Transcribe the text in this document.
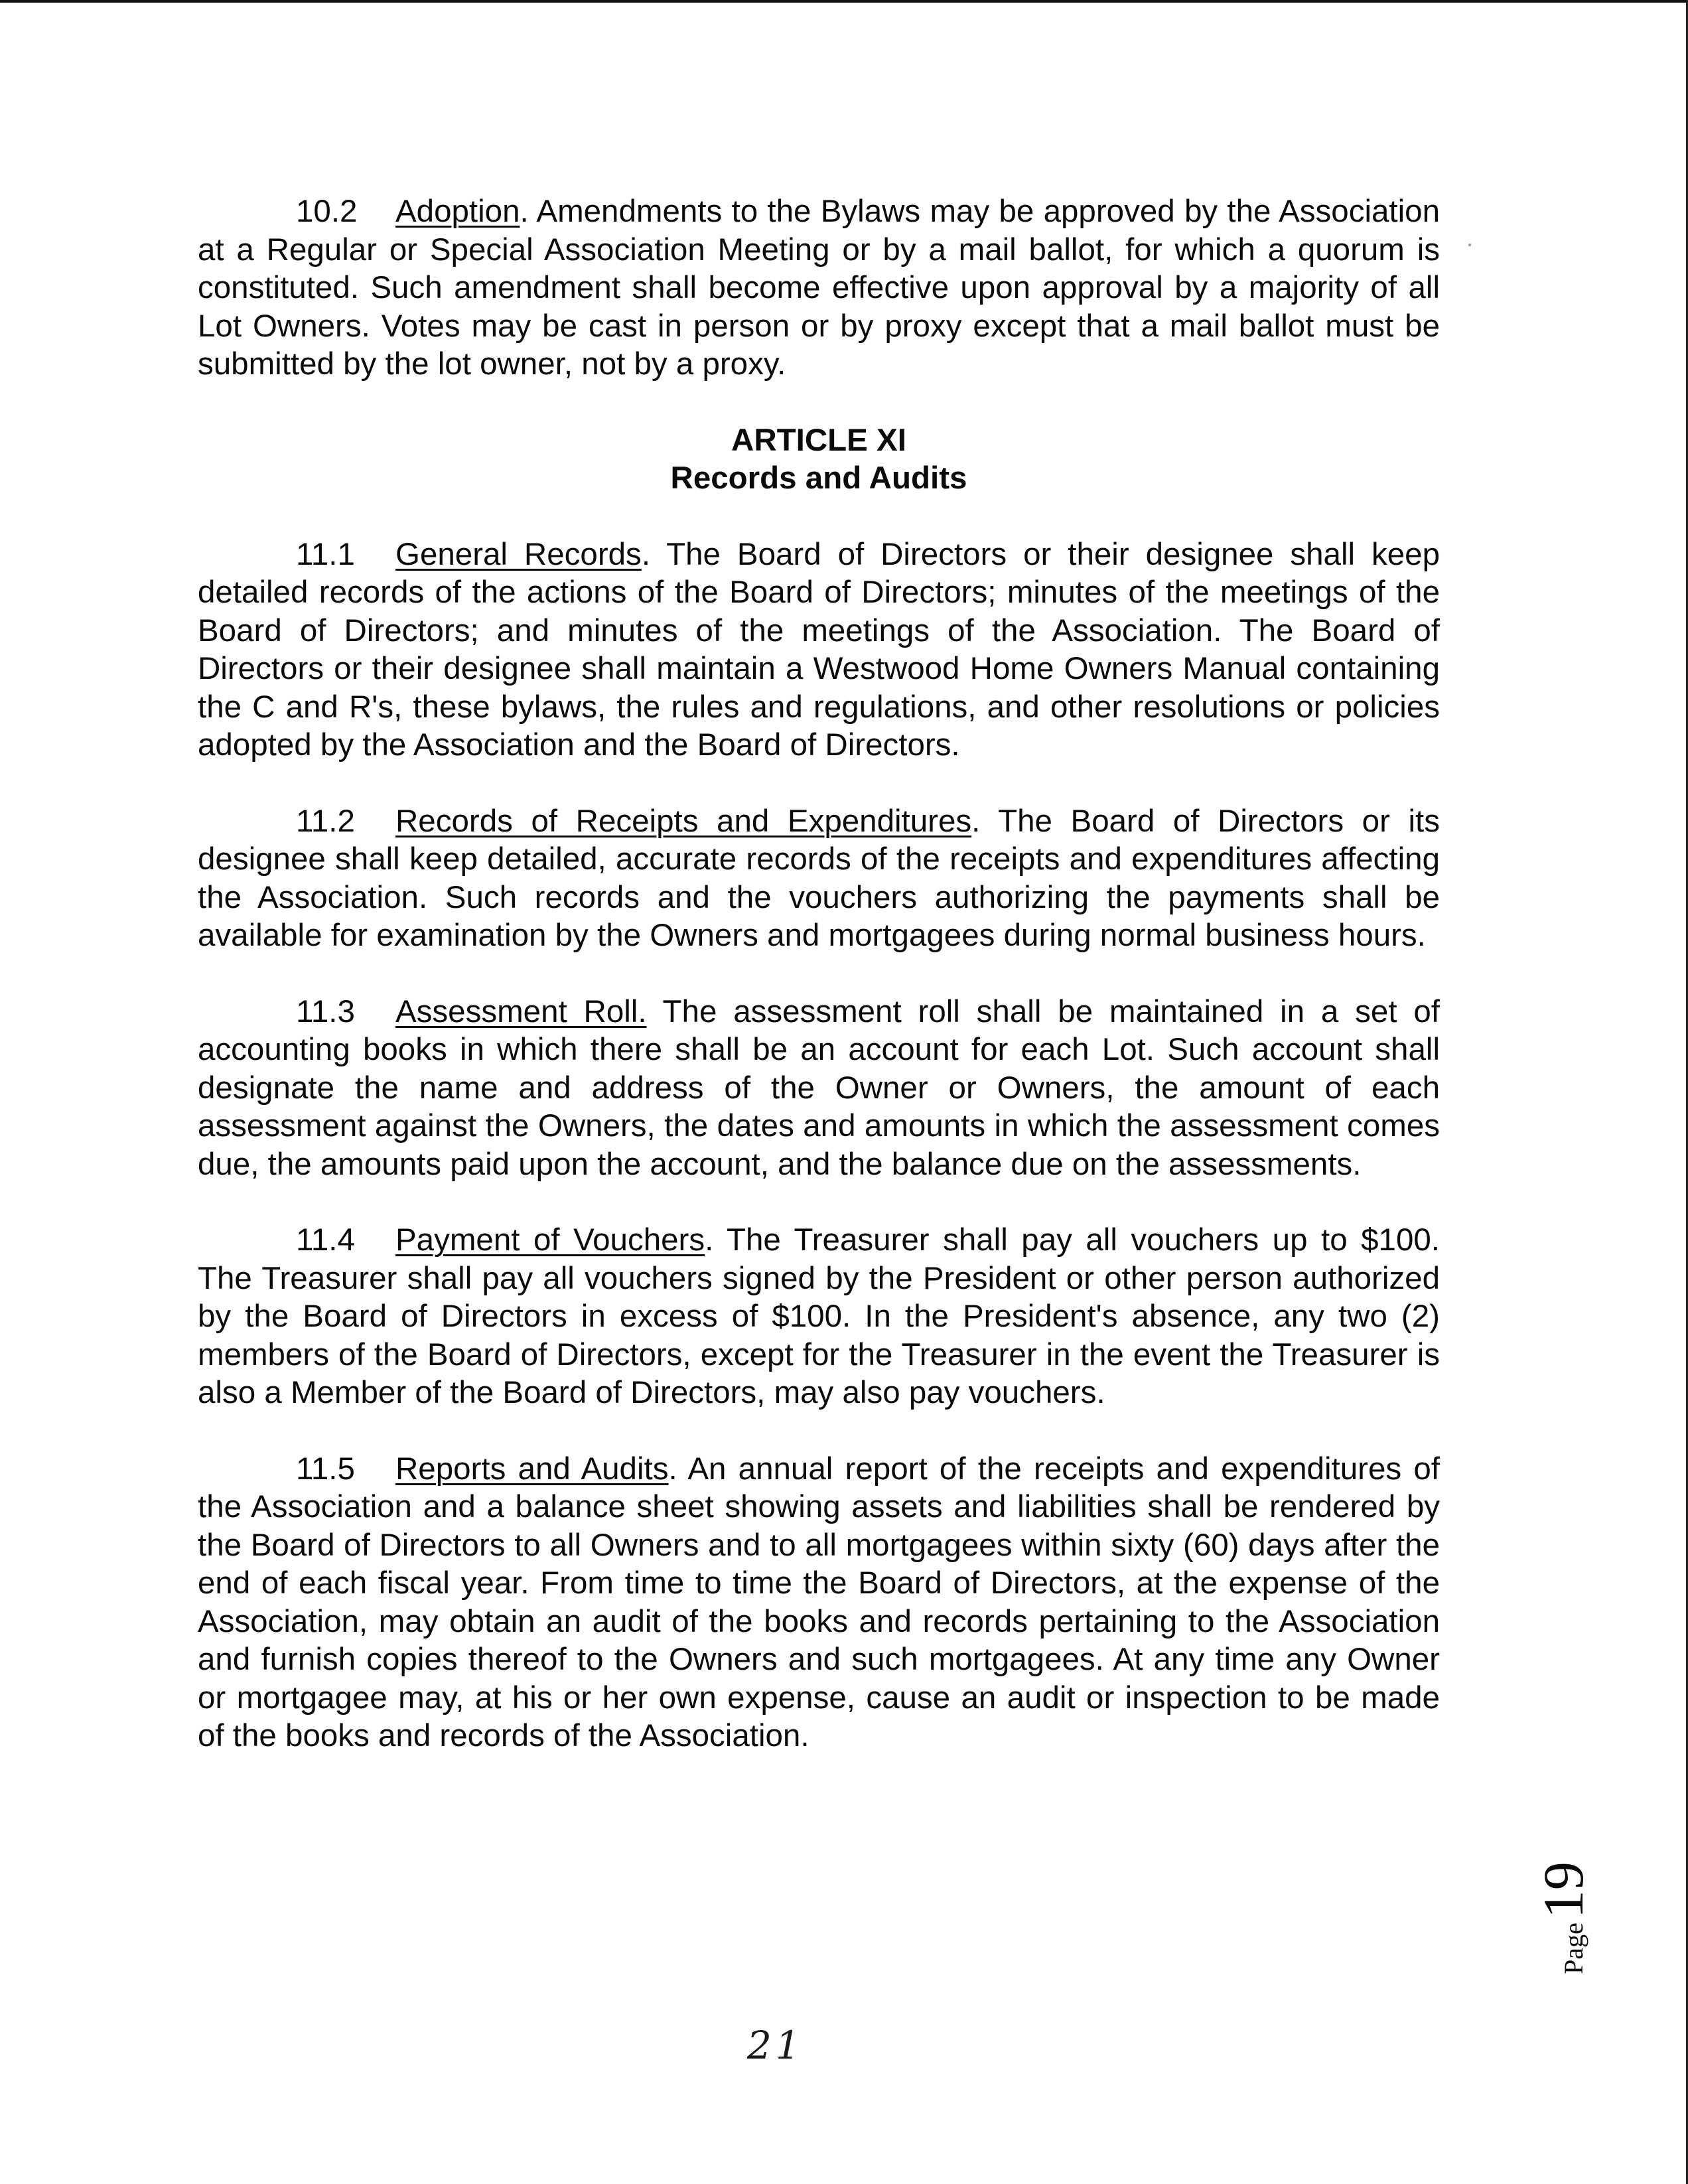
10.2 Adoption. Amendments to the Bylaws may be approved by the Association at a Regular or Special Association Meeting or by a mail ballot, for which a quorum is constituted. Such amendment shall become effective upon approval by a majority of all Lot Owners. Votes may be cast in person or by proxy except that a mail ballot must be submitted by the lot owner, not by a proxy.

ARTICLE XI

Records and Audits

11.1 General Records. The Board of Directors or their designee shall keep detailed records of the actions of the Board of Directors; minutes of the meetings of the Board of Directors; and minutes of the meetings of the Association. The Board of Directors or their designee shall maintain a Westwood Home Owners Manual containing the C and R's, these bylaws, the rules and regulations, and other resolutions or policies adopted by the Association and the Board of Directors.

11.2 Records of Receipts and Expenditures. The Board of Directors or its designee shall keep detailed, accurate records of the receipts and expenditures affecting the Association. Such records and the vouchers authorizing the payments shall be available for examination by the Owners and mortgagees during normal business hours.

11.3 Assessment Roll. The assessment roll shall be maintained in a set of accounting books in which there shall be an account for each Lot. Such account shall designate the name and address of the Owner or Owners, the amount of each assessment against the Owners, the dates and amounts in which the assessment comes due, the amounts paid upon the account, and the balance due on the assessments.

11.4 Payment of Vouchers. The Treasurer shall pay all vouchers up to $100. The Treasurer shall pay all vouchers signed by the President or other person authorized by the Board of Directors in excess of $100. In the President's absence, any two (2) members of the Board of Directors, except for the Treasurer in the event the Treasurer is also a Member of the Board of Directors, may also pay vouchers.

11.5 Reports and Audits. An annual report of the receipts and expenditures of the Association and a balance sheet showing assets and liabilities shall be rendered by the Board of Directors to all Owners and to all mortgagees within sixty (60) days after the end of each fiscal year. From time to time the Board of Directors, at the expense of the Association, may obtain an audit of the books and records pertaining to the Association and furnish copies thereof to the Owners and such mortgagees. At any time any Owner or mortgagee may, at his or her own expense, cause an audit or inspection to be made of the books and records of the Association.

Page
19
21
